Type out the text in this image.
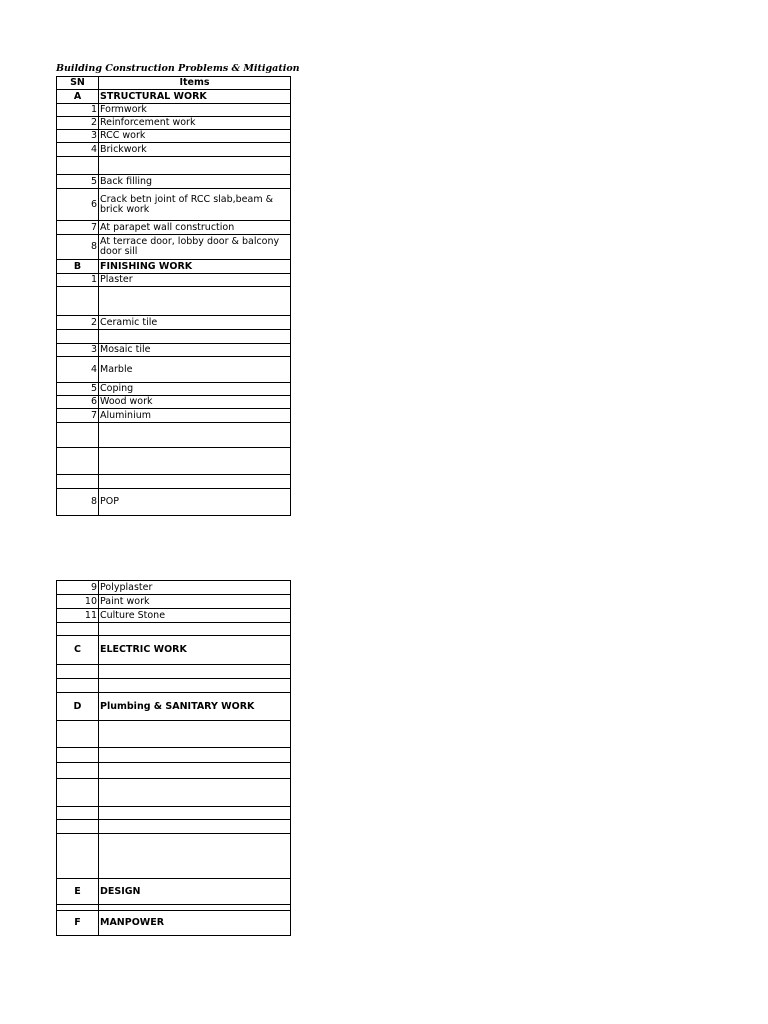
Building Construction Problems & Mitigation
SN	Items
A	STRUCTURAL WORK
1	Formwork
2	Reinforcement work
3	RCC work
4	Brickwork

5	Back filling
6	Crack betn joint of RCC slab,beam & brick work
7	At parapet wall construction
8	At terrace door, lobby door & balcony door sill
B	FINISHING WORK
1	Plaster

2	Ceramic tile

3	Mosaic tile
4	Marble
5	Coping
6	Wood work
7	Aluminium

8	POP
9	Polyplaster
10	Paint work
11	Culture Stone

C	ELECTRIC WORK

D	Plumbing & SANITARY WORK

E	DESIGN

F	MANPOWER
